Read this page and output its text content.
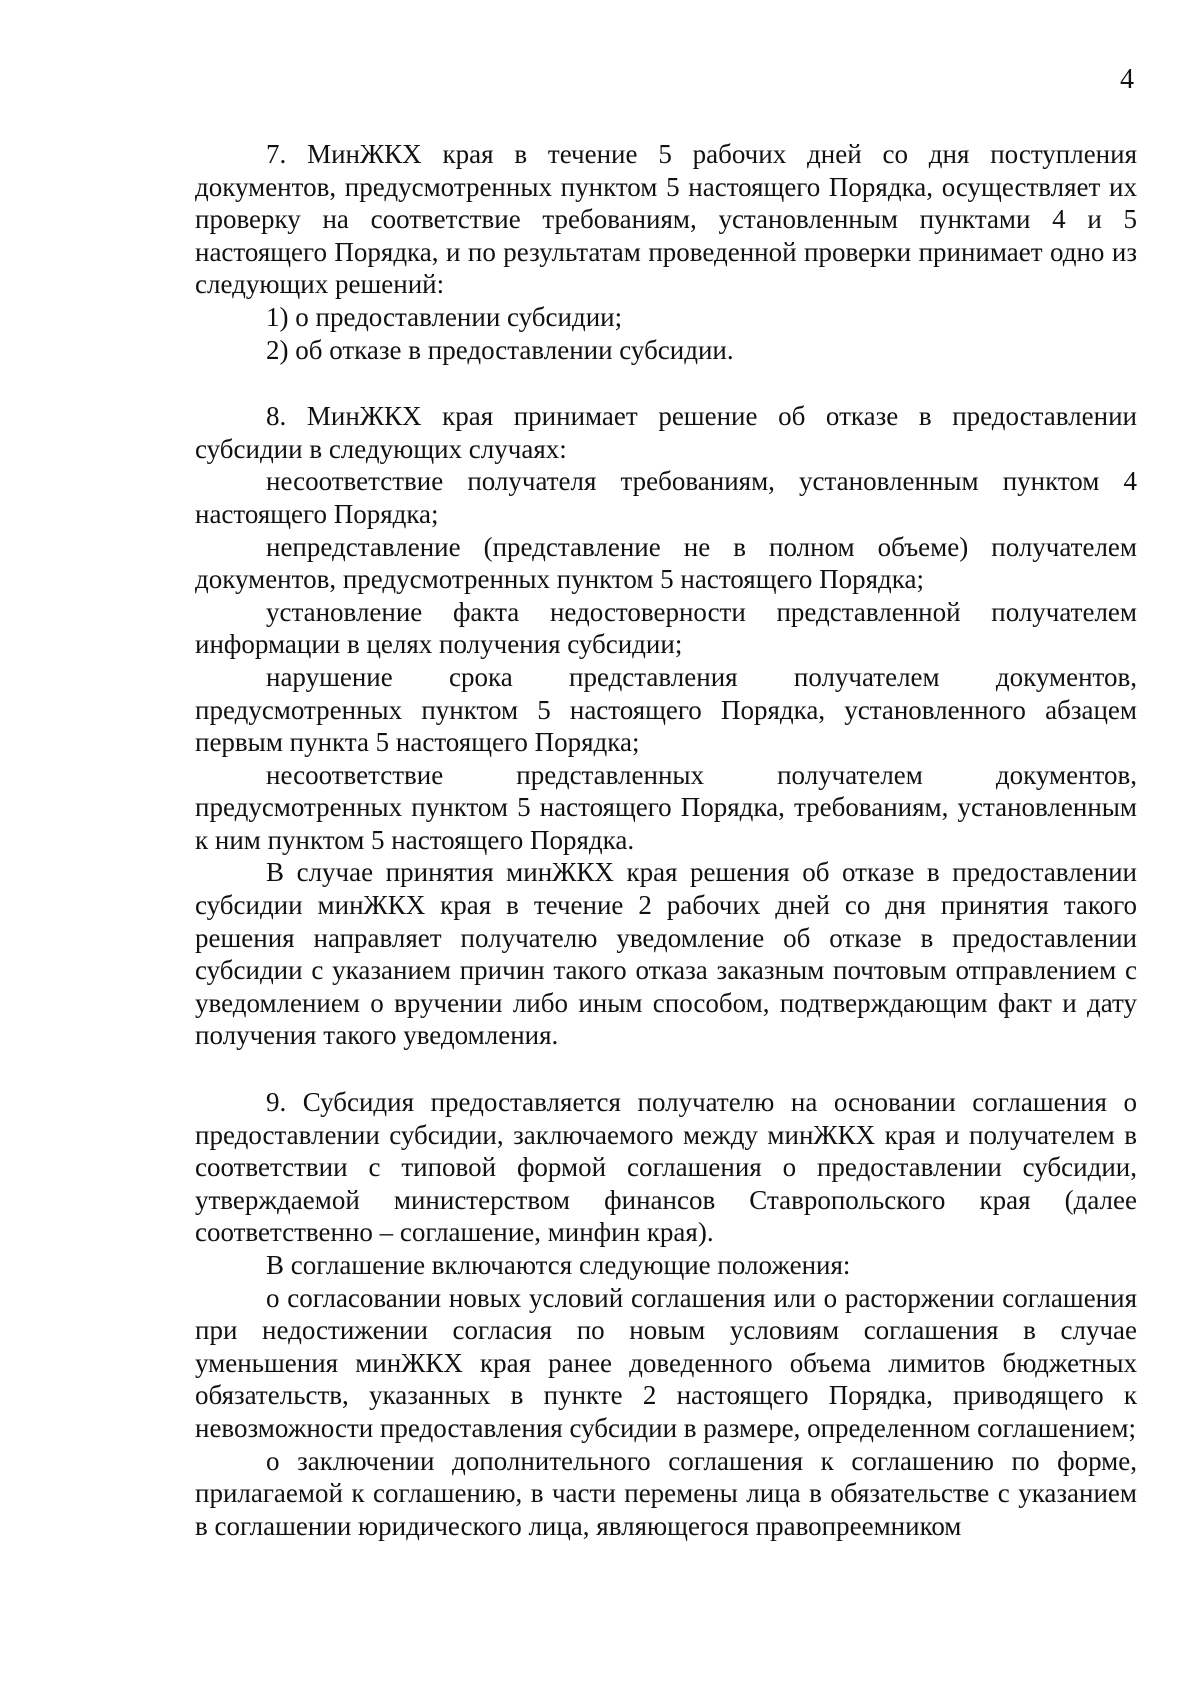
4

7. МинЖКХ края в течение 5 рабочих дней со дня поступления документов, предусмотренных пунктом 5 настоящего Порядка, осуществляет их проверку на соответствие требованиям, установленным пунктами 4 и 5 настоящего Порядка, и по результатам проведенной проверки принимает одно из следующих решений:

1) о предоставлении субсидии;

2) об отказе в предоставлении субсидии.

8. МинЖКХ края принимает решение об отказе в предоставлении субсидии в следующих случаях:

несоответствие получателя требованиям, установленным пунктом 4 настоящего Порядка;

непредставление (представление не в полном объеме) получателем документов, предусмотренных пунктом 5 настоящего Порядка;

установление факта недостоверности представленной получателем информации в целях получения субсидии;

нарушение срока представления получателем документов, предусмотренных пунктом 5 настоящего Порядка, установленного абзацем первым пункта 5 настоящего Порядка;

несоответствие представленных получателем документов, предусмотренных пунктом 5 настоящего Порядка, требованиям, установленным к ним пунктом 5 настоящего Порядка.

В случае принятия минЖКХ края решения об отказе в предоставлении субсидии минЖКХ края в течение 2 рабочих дней со дня принятия такого решения направляет получателю уведомление об отказе в предоставлении субсидии с указанием причин такого отказа заказным почтовым отправлением с уведомлением о вручении либо иным способом, подтверждающим факт и дату получения такого уведомления.

9. Субсидия предоставляется получателю на основании соглашения о предоставлении субсидии, заключаемого между минЖКХ края и получателем в соответствии с типовой формой соглашения о предоставлении субсидии, утверждаемой министерством финансов Ставропольского края (далее соответственно – соглашение, минфин края).

В соглашение включаются следующие положения:

о согласовании новых условий соглашения или о расторжении соглашения при недостижении согласия по новым условиям соглашения в случае уменьшения минЖКХ края ранее доведенного объема лимитов бюджетных обязательств, указанных в пункте 2 настоящего Порядка, приводящего к невозможности предоставления субсидии в размере, определенном соглашением;

о заключении дополнительного соглашения к соглашению по форме, прилагаемой к соглашению, в части перемены лица в обязательстве с указанием в соглашении юридического лица, являющегося правопреемником
